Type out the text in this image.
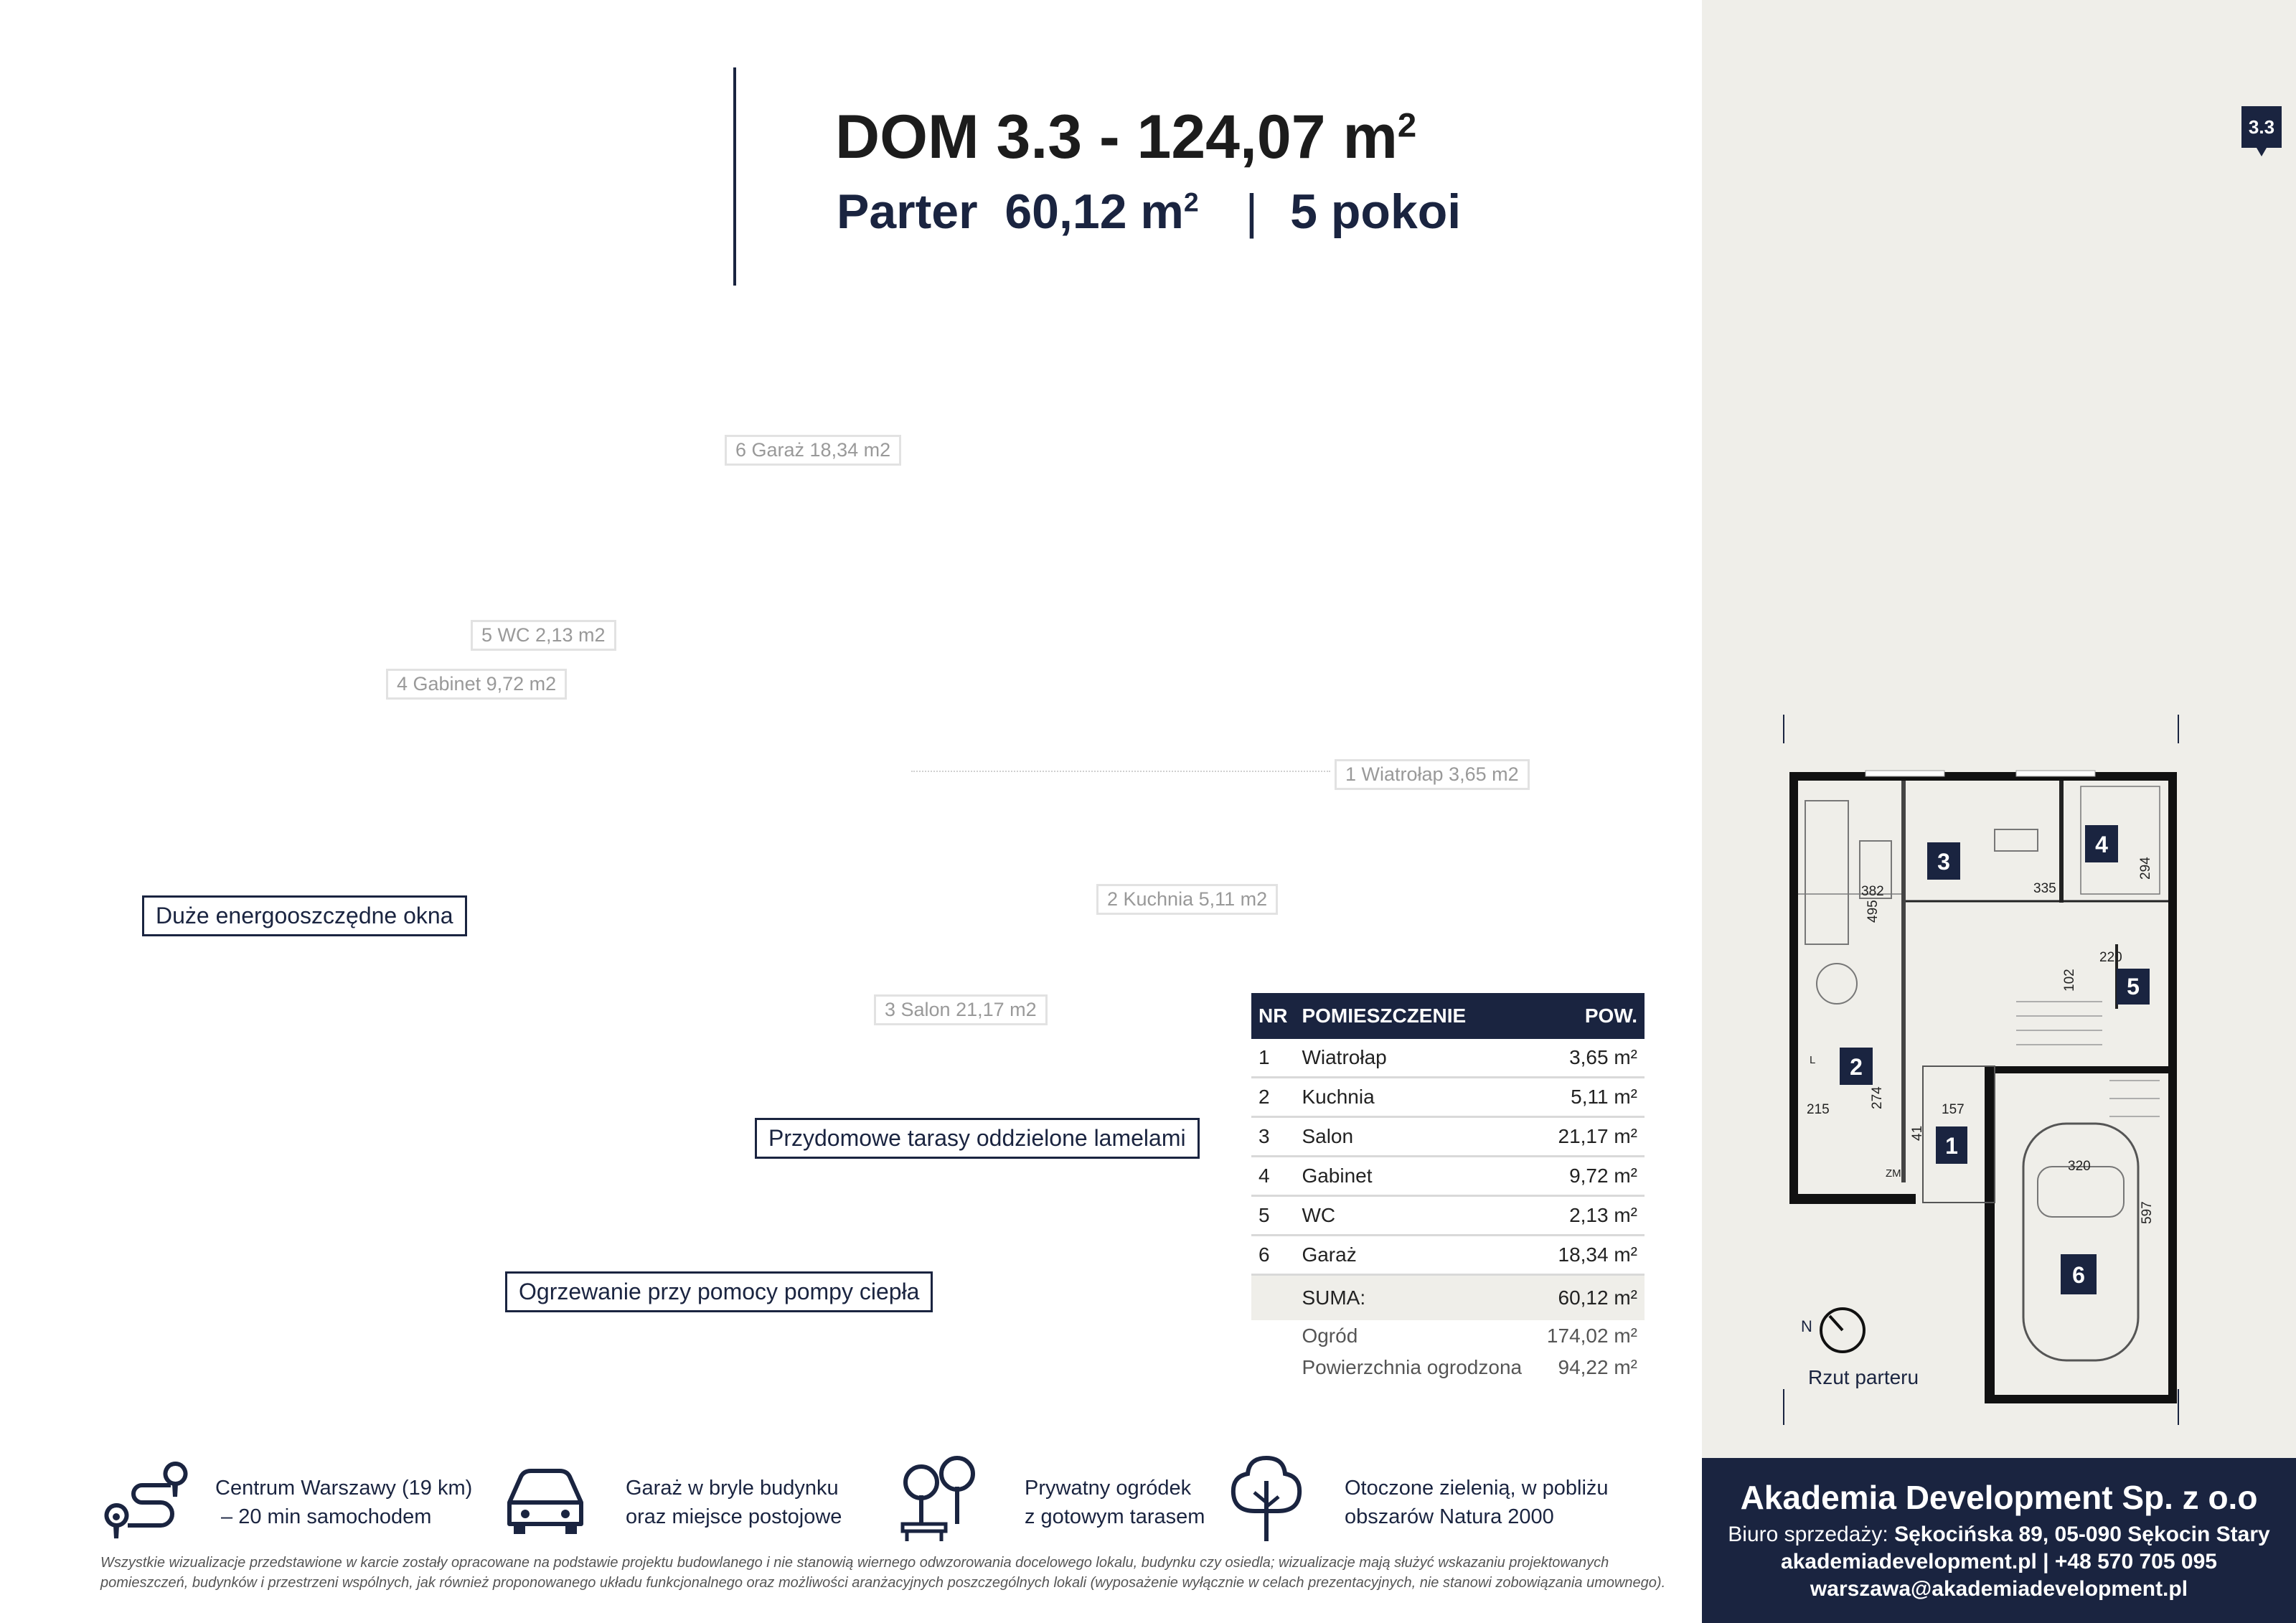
DOM 3.3 - 124,07 $m^2$
Parter  60,12 $m^2$ | 5 pokoi
3.3
6 Garaż 18,34 m2
5 WC 2,13 m2
4 Gabinet 9,72 m2
1 Wiatrołap 3,65 m2
2 Kuchnia 5,11 m2
3 Salon 21,17 m2
Duże energooszczędne okna
Przydomowe tarasy oddzielone lamelami
Ogrzewanie przy pomocy pompy ciepła
NR	POMIESZCZENIE	POW.
1	Wiatrołap	3,65 m²
2	Kuchnia	5,11 m²
3	Salon	21,17 m²
4	Gabinet	9,72 m²
5	WC	2,13 m²
6	Garaż	18,34 m²
	SUMA:	60,12 m²
	Ogród	174,02 m²
	Powierzchnia ogrodzona	94,22 m²
3
4
5
2
1
6
382
495
335
294
220
102
215
274
157
41
320
597
ZM
L
N
Rzut parteru
Centrum Warszawy (19 km)
– 20 min samochodem
Garaż w bryle budynku
oraz miejsce postojowe
Prywatny ogródek
z gotowym tarasem
Otoczone zielenią, w pobliżu
obszarów Natura 2000
Wszystkie wizualizacje przedstawione w karcie zostały opracowane na podstawie projektu budowlanego i nie stanowią wiernego odwzorowania docelowego lokalu, budynku czy osiedla; wizualizacje mają służyć wskazaniu projektowanych pomieszczeń, budynków i przestrzeni wspólnych, jak również proponowanego układu funkcjonalnego oraz możliwości aranżacyjnych poszczególnych lokali (wyposażenie wyłącznie w celach prezentacyjnych, nie stanowi zobowiązania umownego).
Akademia Development Sp. z o.o
Biuro sprzedaży: Sękocińska 89, 05-090 Sękocin Stary
akademiadevelopment.pl | +48 570 705 095
warszawa@akademiadevelopment.pl
